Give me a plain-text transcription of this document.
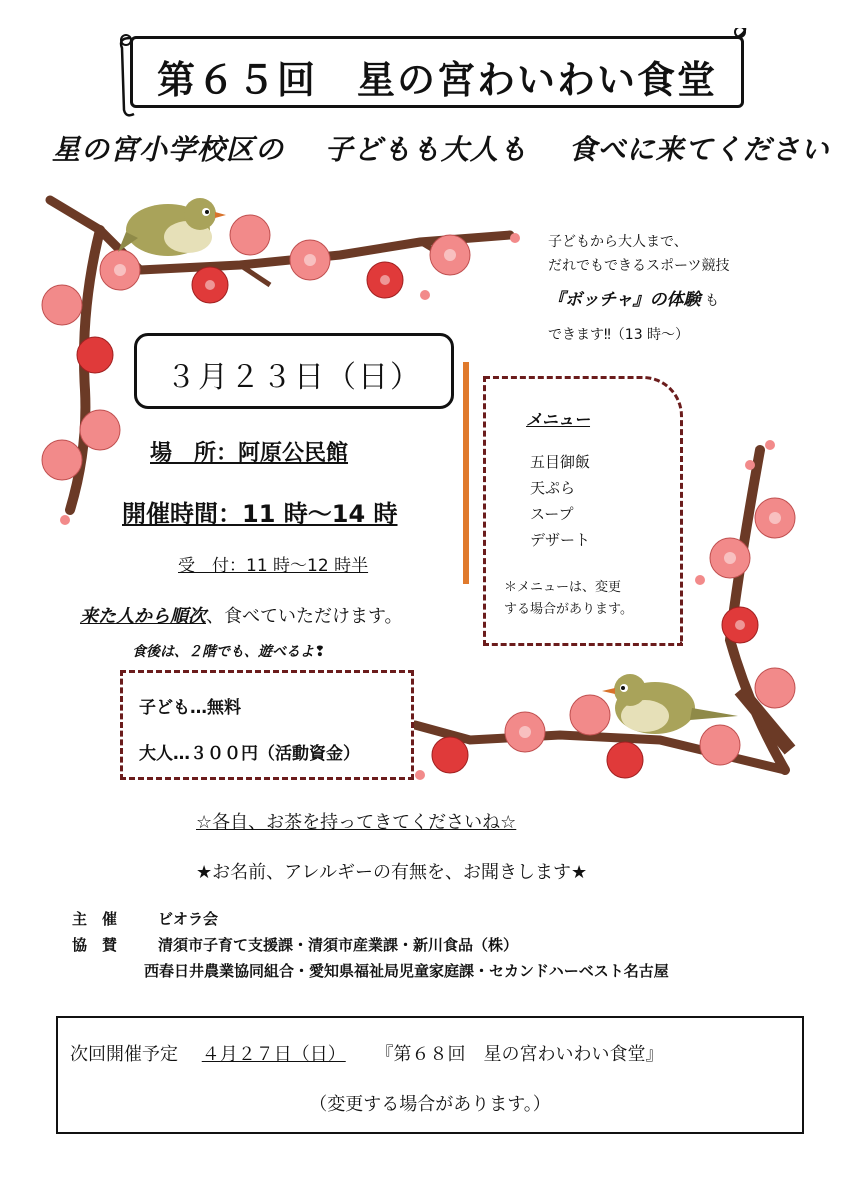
第６５回　星の宮わいわい食堂
星の宮小学校区の 子どもも大人も 食べに来てください
３月２３日（日）
場　所：阿原公民館
開催時間：11 時〜14 時
受　付：11 時〜12 時半
来た人から順次、食べていただけます。
食後は、２階でも、遊べるよ❢
子ども…無料
大人…３００円（活動資金）
子どもから大人まで、
だれでもできるスポーツ競技
『ボッチャ』の体験 も
できます‼（13 時〜）
メニュー
五目御飯
天ぷら
スープ
デザート
＊メニューは、変更
する場合があります。
☆各自、お茶を持ってきてくださいね☆
★お名前、アレルギーの有無を、お聞きします★
主　催	ビオラ会
協　賛	清須市子育て支援課・清須市産業課・新川食品（株）
西春日井農業協同組合・愛知県福祉局児童家庭課・セカンドハーベスト名古屋
次回開催予定 ４月２７日（日） 『第６８回　星の宮わいわい食堂』
（変更する場合があります。）
